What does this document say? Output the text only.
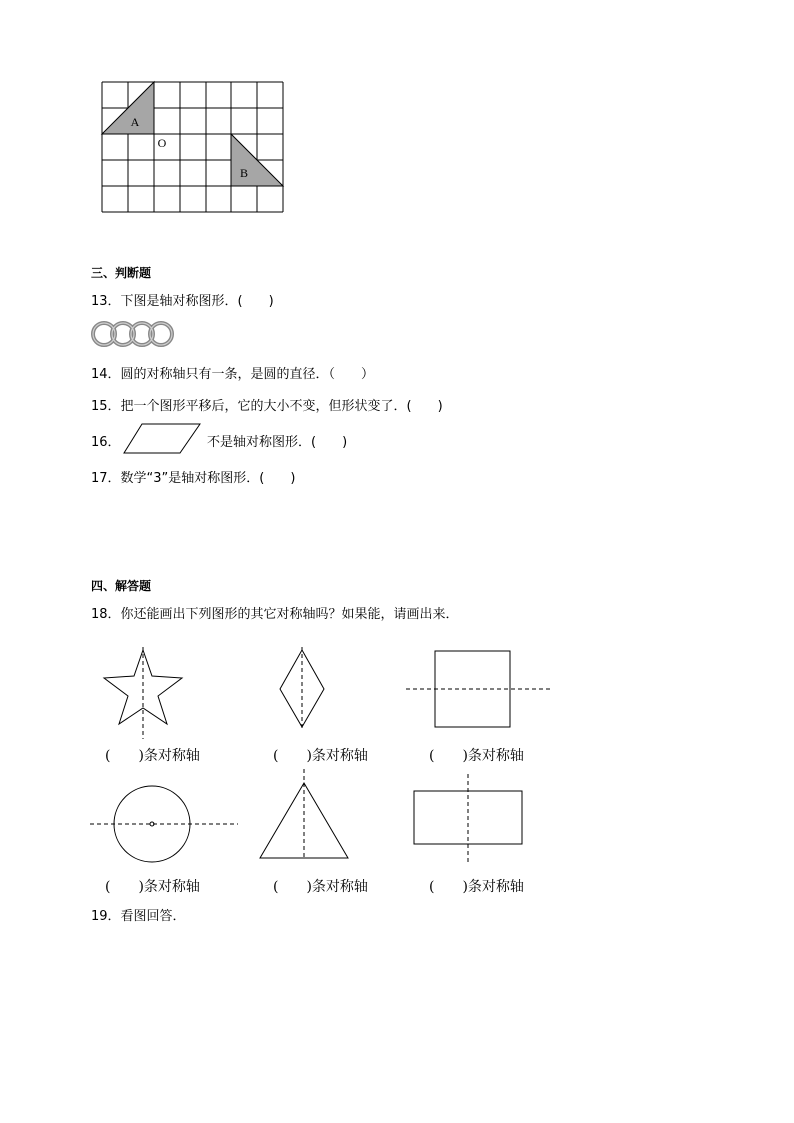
A
O
B
三、判断题
13．下图是轴对称图形．(　　)
14．圆的对称轴只有一条，是圆的直径．（　　）
15．把一个图形平移后，它的大小不变，但形状变了．(　　)
16．	不是轴对称图形．(　　)
17．数学“3”是轴对称图形．(　　)
四、解答题
18．你还能画出下列图形的其它对称轴吗？如果能，请画出来．
(　　)条对称轴	(　　)条对称轴	(　　)条对称轴
(　　)条对称轴	(　　)条对称轴	(　　)条对称轴
19．看图回答．
